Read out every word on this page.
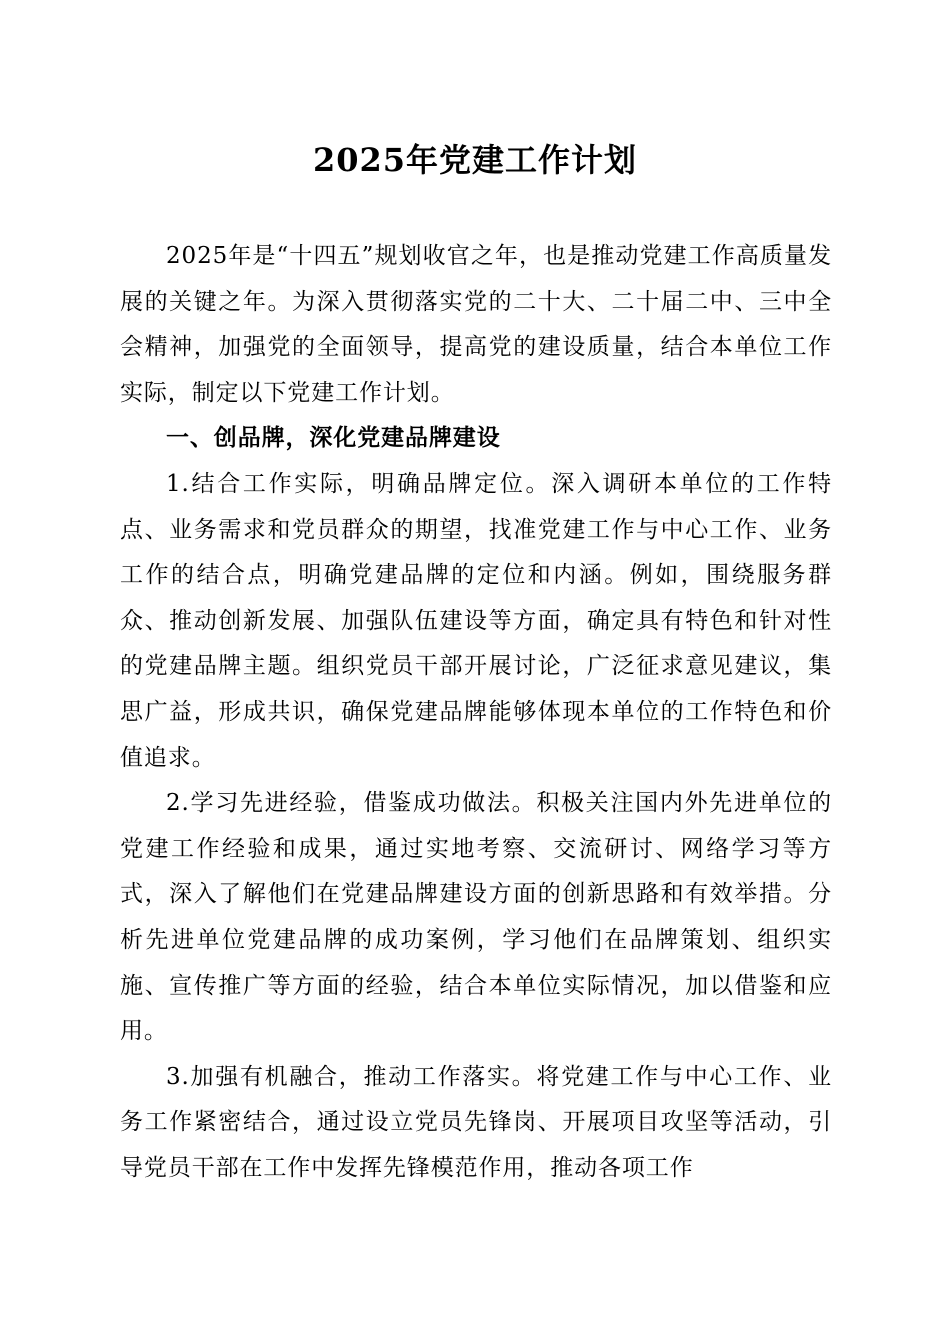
2025年党建工作计划

2025年是“十四五”规划收官之年，也是推动党建工作高质量发展的关键之年。为深入贯彻落实党的二十大、二十届二中、三中全会精神，加强党的全面领导，提高党的建设质量，结合本单位工作实际，制定以下党建工作计划。

一、创品牌，深化党建品牌建设

1.结合工作实际，明确品牌定位。深入调研本单位的工作特点、业务需求和党员群众的期望，找准党建工作与中心工作、业务工作的结合点，明确党建品牌的定位和内涵。例如，围绕服务群众、推动创新发展、加强队伍建设等方面，确定具有特色和针对性的党建品牌主题。组织党员干部开展讨论，广泛征求意见建议，集思广益，形成共识，确保党建品牌能够体现本单位的工作特色和价值追求。

2.学习先进经验，借鉴成功做法。积极关注国内外先进单位的党建工作经验和成果，通过实地考察、交流研讨、网络学习等方式，深入了解他们在党建品牌建设方面的创新思路和有效举措。分析先进单位党建品牌的成功案例，学习他们在品牌策划、组织实施、宣传推广等方面的经验，结合本单位实际情况，加以借鉴和应用。

3.加强有机融合，推动工作落实。将党建工作与中心工作、业务工作紧密结合，通过设立党员先锋岗、开展项目攻坚等活动，引导党员干部在工作中发挥先锋模范作用，推动各项工作
